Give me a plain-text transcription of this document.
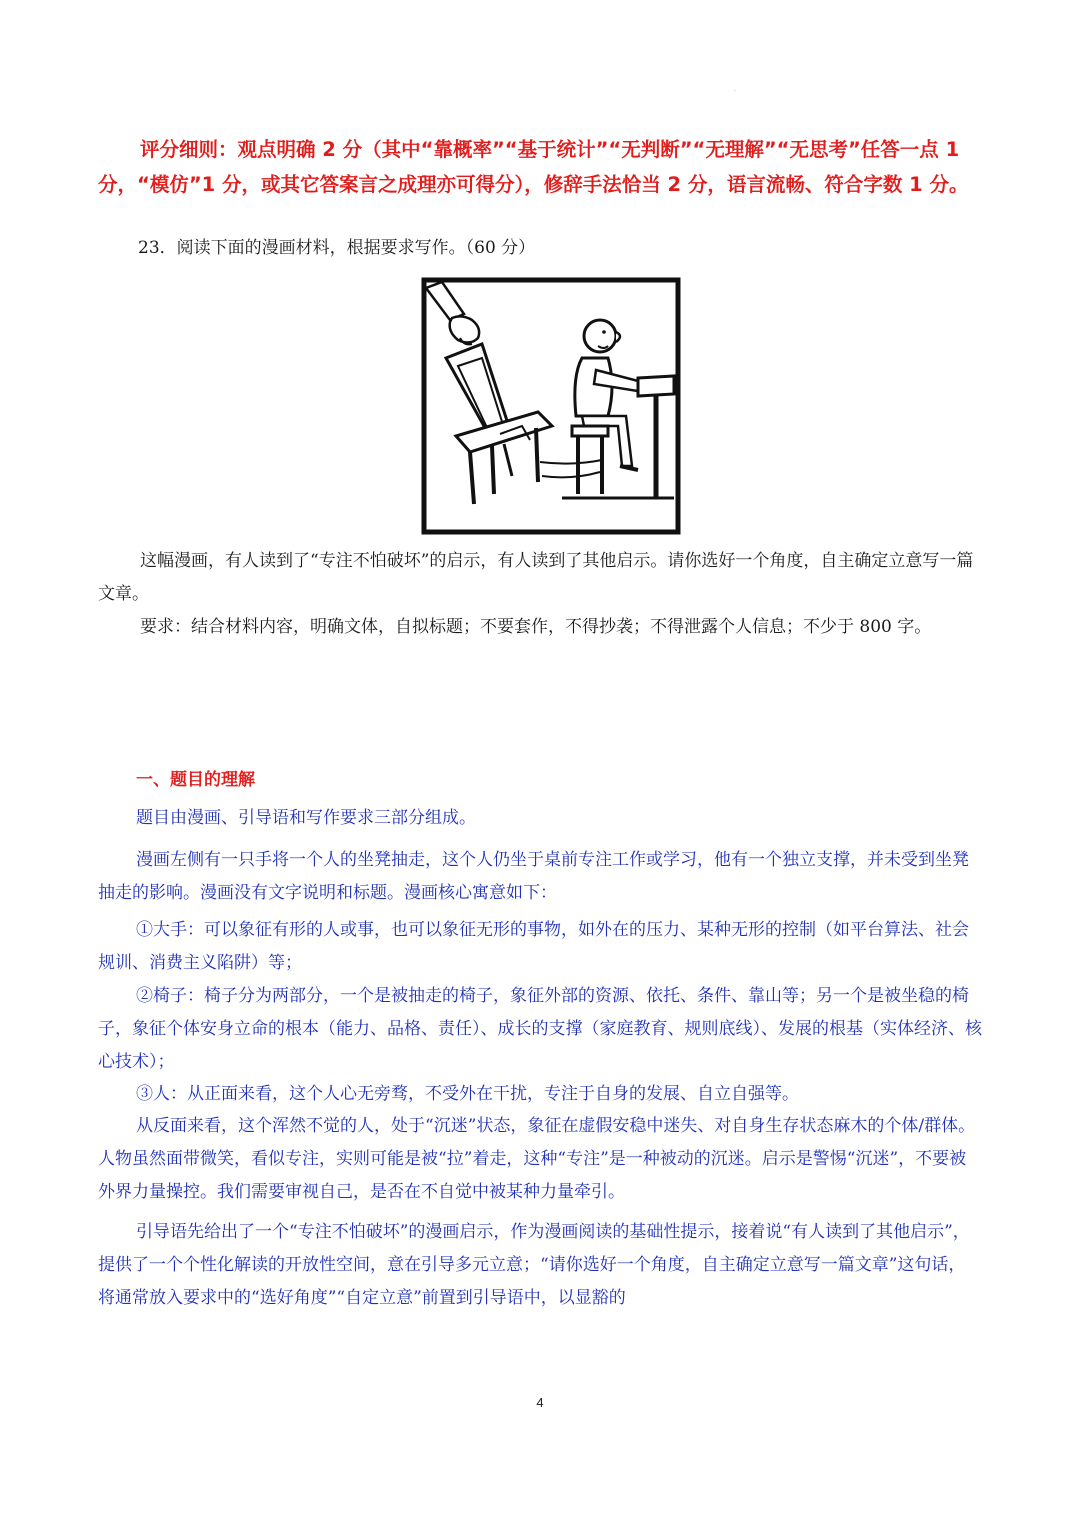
·

评分细则：观点明确 2 分（其中“靠概率”“基于统计”“无判断”“无理解”“无思考”任答一点 1 分，“模仿”1 分，或其它答案言之成理亦可得分），修辞手法恰当 2 分，语言流畅、符合字数 1 分。

23．阅读下面的漫画材料，根据要求写作。（60 分）

这幅漫画，有人读到了“专注不怕破坏”的启示，有人读到了其他启示。请你选好一个角度，自主确定立意写一篇文章。

要求：结合材料内容，明确文体，自拟标题；不要套作，不得抄袭；不得泄露个人信息；不少于 800 字。

一、题目的理解

题目由漫画、引导语和写作要求三部分组成。

漫画左侧有一只手将一个人的坐凳抽走，这个人仍坐于桌前专注工作或学习，他有一个独立支撑，并未受到坐凳抽走的影响。漫画没有文字说明和标题。漫画核心寓意如下：

①大手：可以象征有形的人或事，也可以象征无形的事物，如外在的压力、某种无形的控制（如平台算法、社会规训、消费主义陷阱）等；

②椅子：椅子分为两部分，一个是被抽走的椅子，象征外部的资源、依托、条件、靠山等；另一个是被坐稳的椅子，象征个体安身立命的根本（能力、品格、责任）、成长的支撑（家庭教育、规则底线）、发展的根基（实体经济、核心技术）；

③人：从正面来看，这个人心无旁骛，不受外在干扰，专注于自身的发展、自立自强等。

从反面来看，这个浑然不觉的人，处于“沉迷”状态，象征在虚假安稳中迷失、对自身生存状态麻木的个体/群体。人物虽然面带微笑，看似专注，实则可能是被“拉”着走，这种“专注”是一种被动的沉迷。启示是警惕“沉迷”，不要被外界力量操控。我们需要审视自己，是否在不自觉中被某种力量牵引。

引导语先给出了一个“专注不怕破坏”的漫画启示，作为漫画阅读的基础性提示，接着说“有人读到了其他启示”，提供了一个个性化解读的开放性空间，意在引导多元立意；“请你选好一个角度，自主确定立意写一篇文章”这句话，将通常放入要求中的“选好角度”“自定立意”前置到引导语中，以显豁的

4
